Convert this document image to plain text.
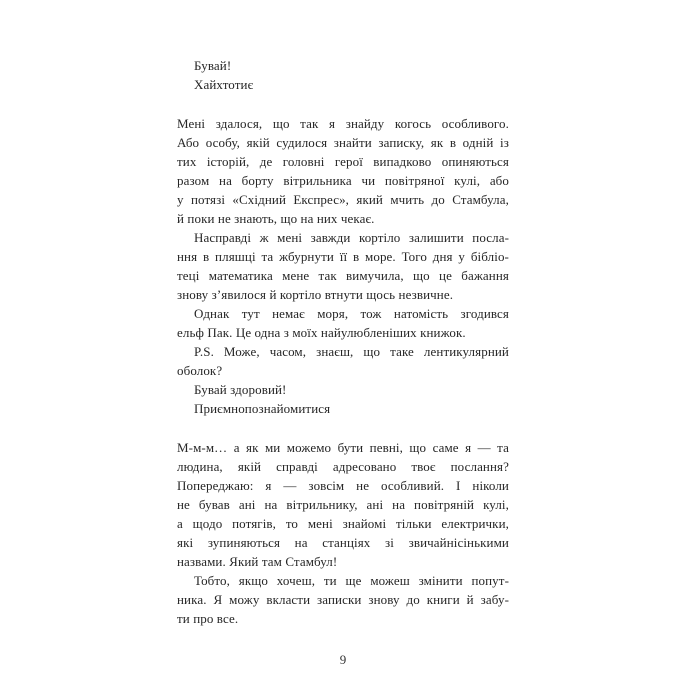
Бувай!
Хайхтотиє
Мені здалося, що так я знайду когось особливого.
Або особу, якій судилося знайти записку, як в одній із
тих історій, де головні герої випадково опиняються
разом на борту вітрильника чи повітряної кулі, або
у потязі «Східний Експрес», який мчить до Стамбула,
й поки не знають, що на них чекає.
Насправді ж мені завжди кортіло залишити посла-
ння в пляшці та жбурнути її в море. Того дня у бібліо-
теці математика мене так вимучила, що це бажання
знову з’явилося й кортіло втнути щось незвичне.
Однак тут немає моря, тож натомість згодився
ельф Пак. Це одна з моїх найулюбленіших книжок.
P.S. Може, часом, знаєш, що таке лентикулярний
оболок?
Бувай здоровий!
Приємнопознайомитися
М-м-м… а як ми можемо бути певні, що саме я — та
людина, якій справді адресовано твоє послання?
Попереджаю: я — зовсім не особливий. І ніколи
не бував ані на вітрильнику, ані на повітряній кулі,
а щодо потягів, то мені знайомі тільки електрички,
які зупиняються на станціях зі звичайнісінькими
назвами. Який там Стамбул!
Тобто, якщо хочеш, ти ще можеш змінити попут-
ника. Я можу вкласти записки знову до книги й забу-
ти про все.
9
